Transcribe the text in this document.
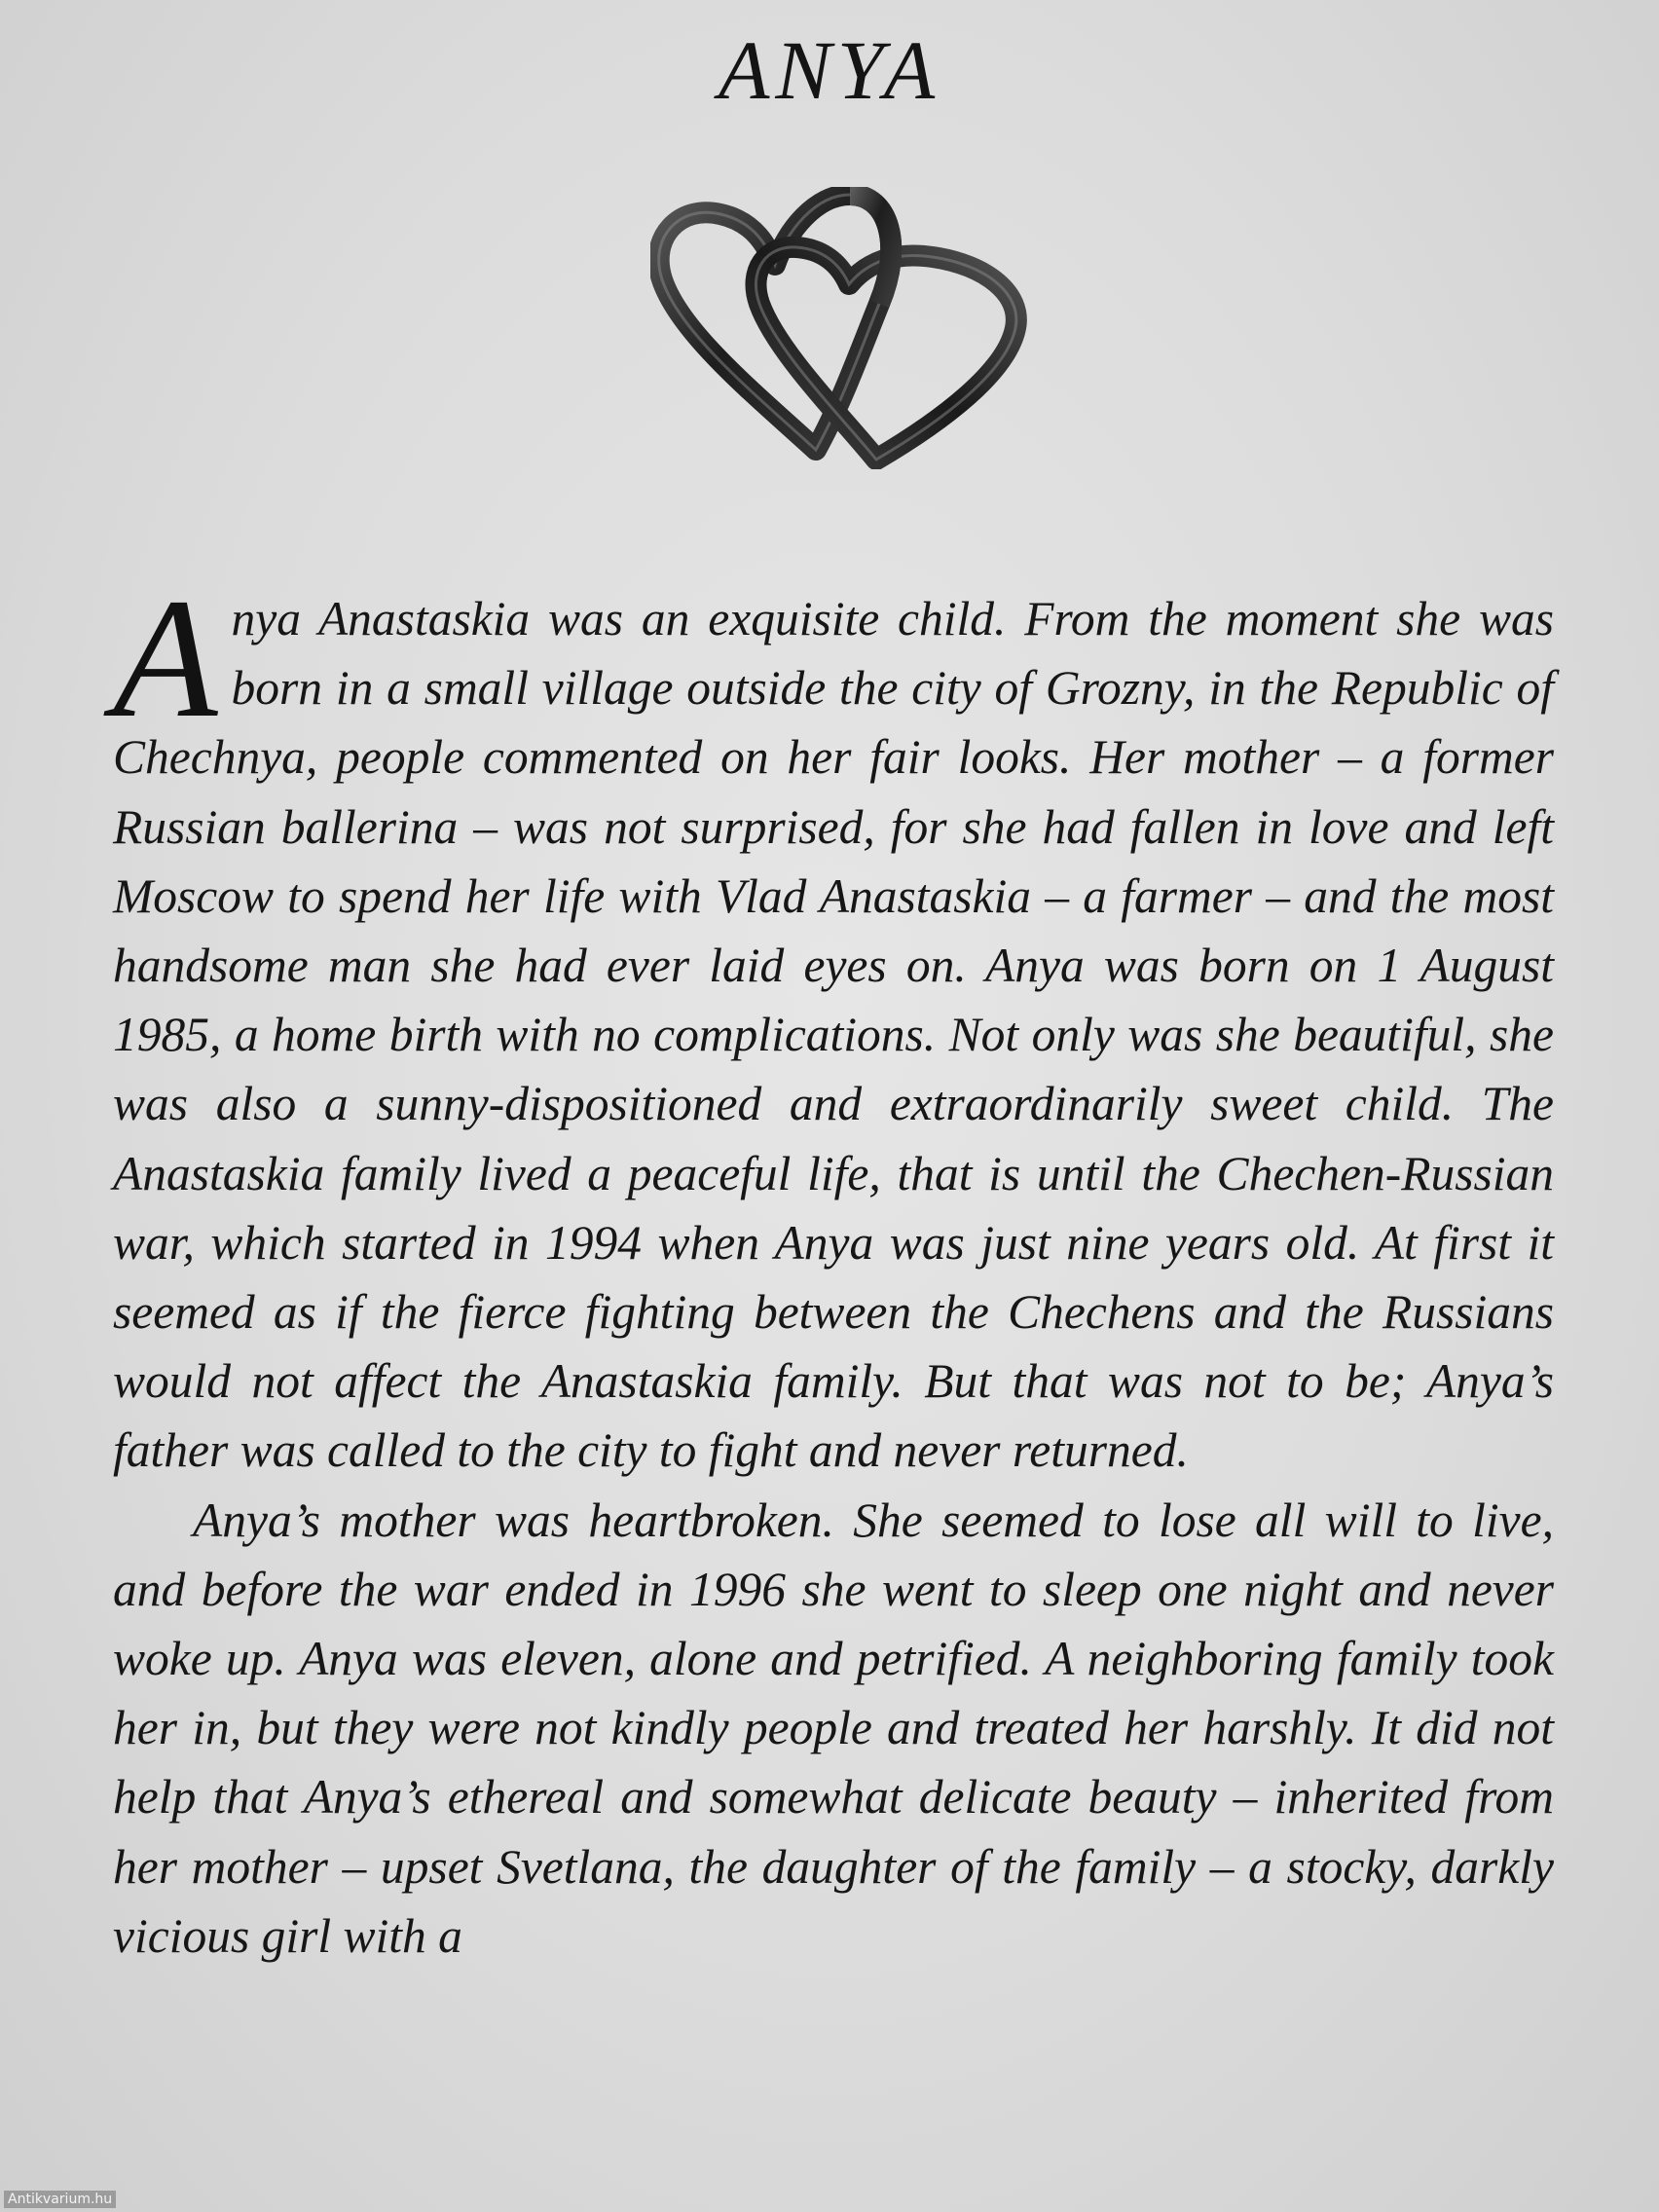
ANYA

Anya Anastaskia was an exquisite child. From the moment she was born in a small village outside the city of Grozny, in the Republic of Chechnya, people commented on her fair looks. Her mother – a former Russian ballerina – was not surprised, for she had fallen in love and left Moscow to spend her life with Vlad Anastaskia – a farmer – and the most handsome man she had ever laid eyes on. Anya was born on 1 August 1985, a home birth with no complications. Not only was she beautiful, she was also a sunny-dispositioned and extraordinarily sweet child. The Anastaskia family lived a peaceful life, that is until the Chechen-Russian war, which started in 1994 when Anya was just nine years old. At first it seemed as if the fierce fighting between the Chechens and the Russians would not affect the Anastaskia family. But that was not to be; Anya’s father was called to the city to fight and never returned.

Anya’s mother was heartbroken. She seemed to lose all will to live, and before the war ended in 1996 she went to sleep one night and never woke up. Anya was eleven, alone and petrified. A neighboring family took her in, but they were not kindly people and treated her harshly. It did not help that Anya’s ethereal and somewhat delicate beauty – inherited from her mother – upset Svetlana, the daughter of the family – a stocky, darkly vicious girl with a

Antikvarium.hu
